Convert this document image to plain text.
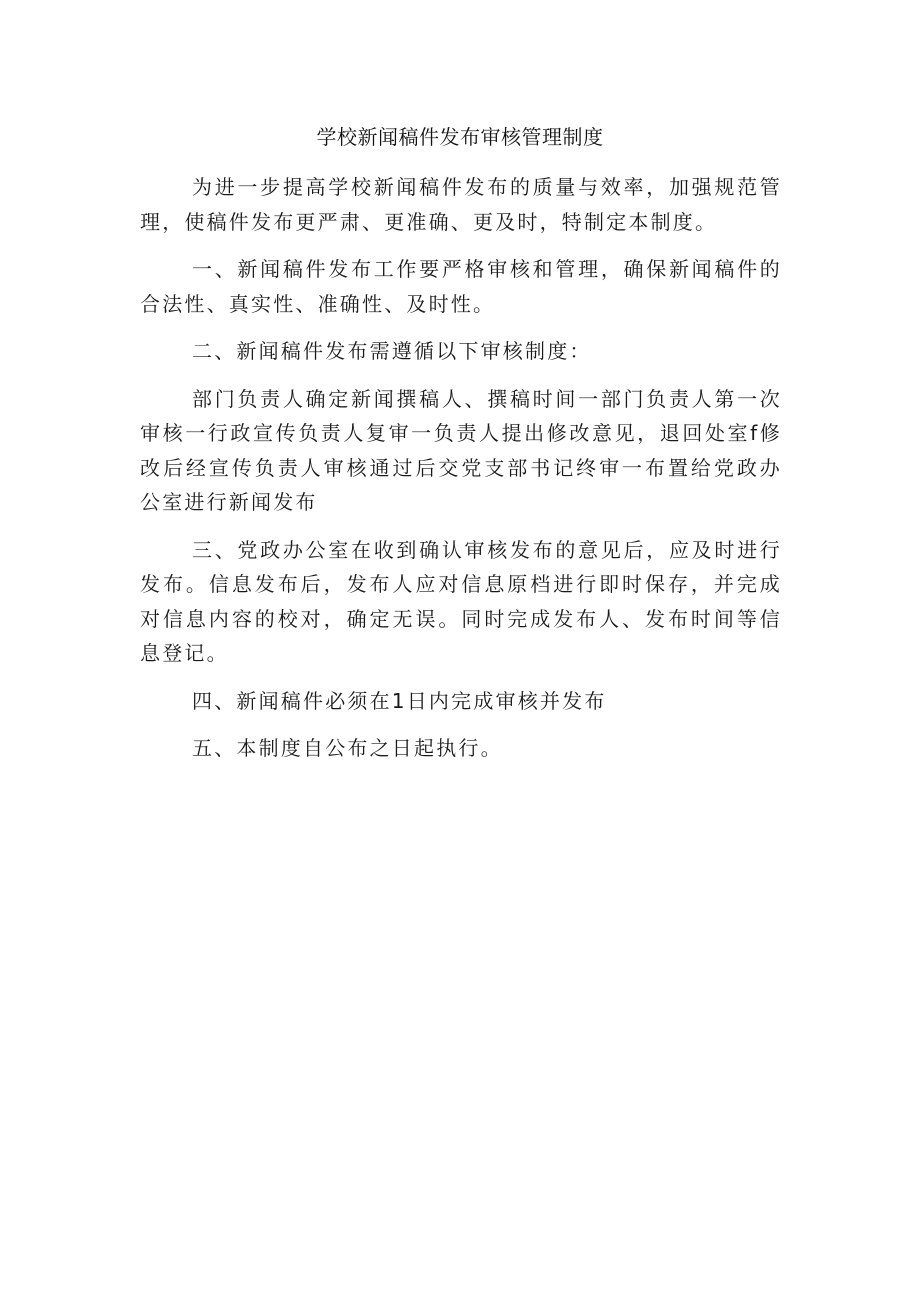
学校新闻稿件发布审核管理制度

为进一步提高学校新闻稿件发布的质量与效率，加强规范管理，使稿件发布更严肃、更准确、更及时，特制定本制度。

一、新闻稿件发布工作要严格审核和管理，确保新闻稿件的合法性、真实性、准确性、及时性。

二、新闻稿件发布需遵循以下审核制度：

部门负责人确定新闻撰稿人、撰稿时间一部门负责人第一次审核一行政宣传负责人复审一负责人提出修改意见，退回处室f修改后经宣传负责人审核通过后交党支部书记终审一布置给党政办公室进行新闻发布

三、党政办公室在收到确认审核发布的意见后，应及时进行发布。信息发布后，发布人应对信息原档进行即时保存，并完成对信息内容的校对，确定无误。同时完成发布人、发布时间等信息登记。

四、新闻稿件必须在1日内完成审核并发布

五、本制度自公布之日起执行。
